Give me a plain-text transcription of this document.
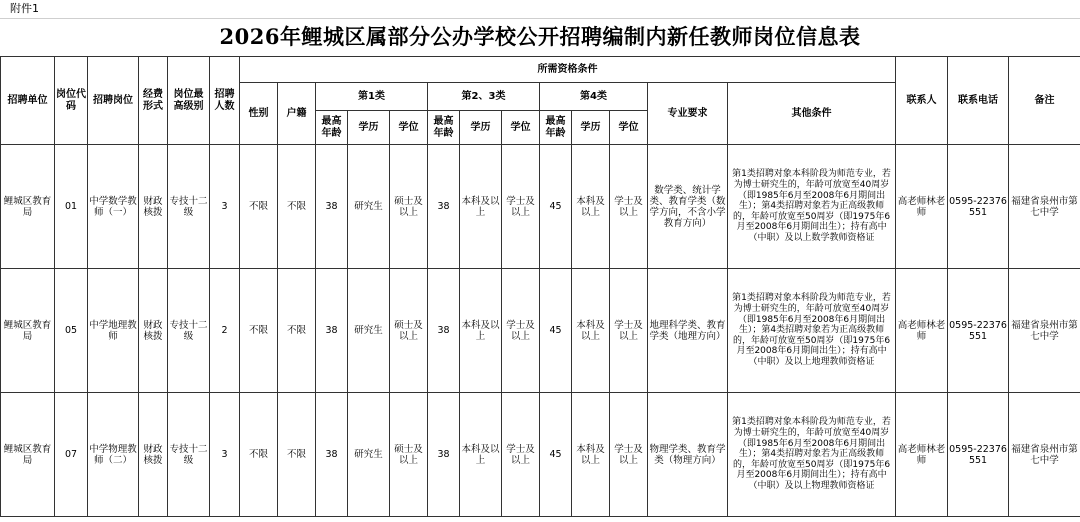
附件1
2026年鲤城区属部分公办学校公开招聘编制内新任教师岗位信息表
招聘单位	岗位代码	招聘岗位	经费形式	岗位最高级别	招聘人数	所需资格条件													联系人	联系电话	备注
						性别	户籍	第1类			第2、3类			第4类			专业要求	其他条件			
								最高年龄	学历	学位	最高年龄	学历	学位	最高年龄	学历	学位					
鲤城区教育局	01	中学数学教师（一）	财政核拨	专技十二级	3	不限	不限	38	研究生	硕士及以上	38	本科及以上	学士及以上	45	本科及以上	学士及以上	数学类、统计学类、教育学类（数学方向，不含小学教育方向）	第1类招聘对象本科阶段为师范专业，若为博士研究生的，年龄可放宽至40周岁（即1985年6月至2008年6月期间出生）；第4类招聘对象若为正高级教师的，年龄可放宽至50周岁（即1975年6月至2008年6月期间出生）；持有高中（中职）及以上数学教师资格证	高老师林老师	0595-22376551	福建省泉州市第七中学
鲤城区教育局	05	中学地理教师	财政核拨	专技十二级	2	不限	不限	38	研究生	硕士及以上	38	本科及以上	学士及以上	45	本科及以上	学士及以上	地理科学类、教育学类（地理方向）	第1类招聘对象本科阶段为师范专业，若为博士研究生的，年龄可放宽至40周岁（即1985年6月至2008年6月期间出生）；第4类招聘对象若为正高级教师的，年龄可放宽至50周岁（即1975年6月至2008年6月期间出生）；持有高中（中职）及以上地理教师资格证	高老师林老师	0595-22376551	福建省泉州市第七中学
鲤城区教育局	07	中学物理教师（二）	财政核拨	专技十二级	3	不限	不限	38	研究生	硕士及以上	38	本科及以上	学士及以上	45	本科及以上	学士及以上	物理学类、教育学类（物理方向）	第1类招聘对象本科阶段为师范专业，若为博士研究生的，年龄可放宽至40周岁（即1985年6月至2008年6月期间出生）；第4类招聘对象若为正高级教师的，年龄可放宽至50周岁（即1975年6月至2008年6月期间出生）；持有高中（中职）及以上物理教师资格证	高老师林老师	0595-22376551	福建省泉州市第七中学
